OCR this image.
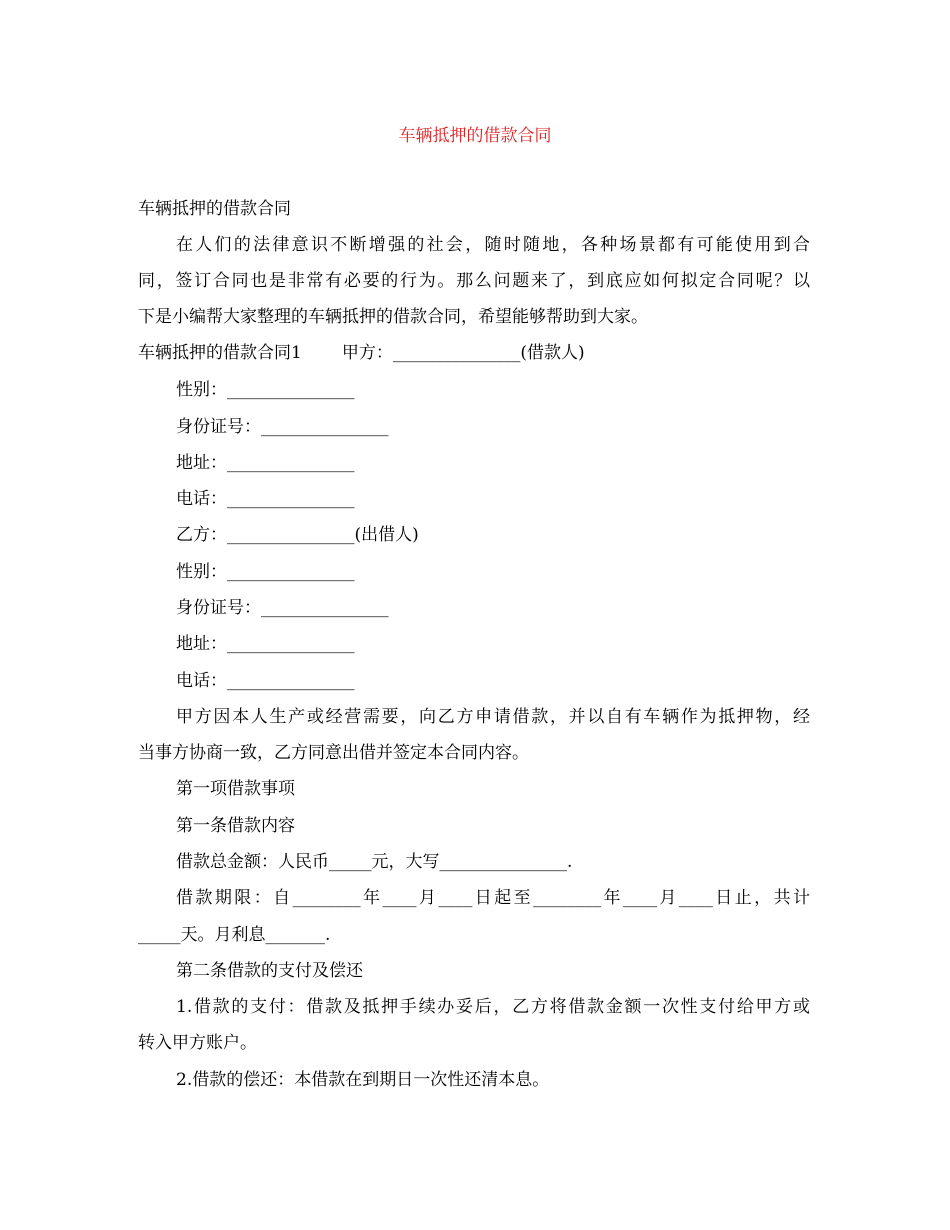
车辆抵押的借款合同
车辆抵押的借款合同
在人们的法律意识不断增强的社会，随时随地，各种场景都有可能使用到合
同，签订合同也是非常有必要的行为。那么问题来了，到底应如何拟定合同呢？以
下是小编帮大家整理的车辆抵押的借款合同，希望能够帮助到大家。
车辆抵押的借款合同1 甲方：_______________(借款人)
性别：_______________
身份证号：_______________
地址：_______________
电话：_______________
乙方：_______________(出借人)
性别：_______________
身份证号：_______________
地址：_______________
电话：_______________
甲方因本人生产或经营需要，向乙方申请借款，并以自有车辆作为抵押物，经
当事方协商一致，乙方同意出借并签定本合同内容。
第一项借款事项
第一条借款内容
借款总金额：人民币_____元，大写_______________.
借款期限：自________年____月____日起至________年____月____日止，共计
_____天。月利息_______.
第二条借款的支付及偿还
1.借款的支付：借款及抵押手续办妥后，乙方将借款金额一次性支付给甲方或
转入甲方账户。
2.借款的偿还：本借款在到期日一次性还清本息。
